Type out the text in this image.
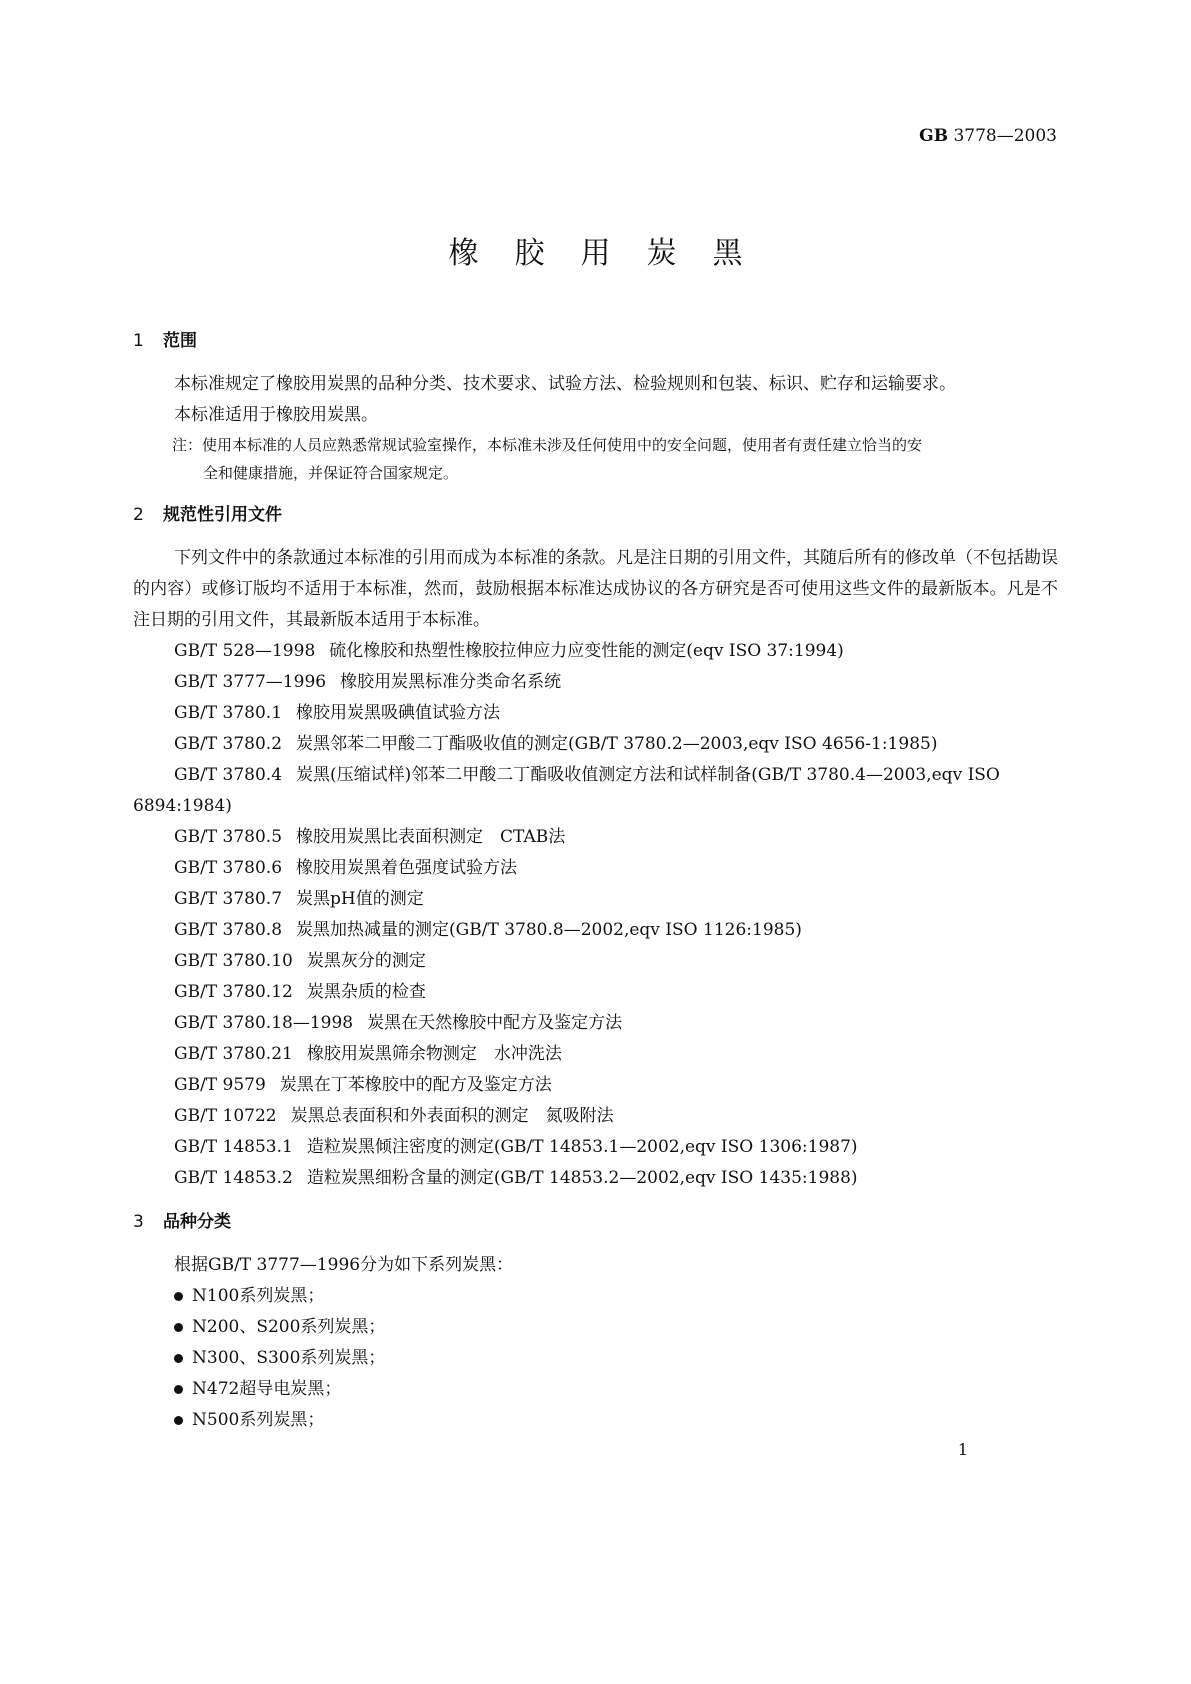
GB 3778—2003
橡胶用炭黑
1 范围
本标准规定了橡胶用炭黑的品种分类、技术要求、试验方法、检验规则和包装、标识、贮存和运输要求。
本标准适用于橡胶用炭黑。
注：使用本标准的人员应熟悉常规试验室操作，本标准未涉及任何使用中的安全问题，使用者有责任建立恰当的安
全和健康措施，并保证符合国家规定。
2 规范性引用文件
下列文件中的条款通过本标准的引用而成为本标准的条款。凡是注日期的引用文件，其随后所有的修改单（不包括勘误的内容）或修订版均不适用于本标准，然而，鼓励根据本标准达成协议的各方研究是否可使用这些文件的最新版本。凡是不注日期的引用文件，其最新版本适用于本标准。
GB/T 528—1998 硫化橡胶和热塑性橡胶拉伸应力应变性能的测定(eqv ISO 37:1994)
GB/T 3777—1996 橡胶用炭黑标准分类命名系统
GB/T 3780.1 橡胶用炭黑吸碘值试验方法
GB/T 3780.2 炭黑邻苯二甲酸二丁酯吸收值的测定(GB/T 3780.2—2003,eqv ISO 4656-1:1985)
GB/T 3780.4 炭黑(压缩试样)邻苯二甲酸二丁酯吸收值测定方法和试样制备(GB/T 3780.4—2003,eqv ISO 6894:1984)
GB/T 3780.5 橡胶用炭黑比表面积测定　CTAB法
GB/T 3780.6 橡胶用炭黑着色强度试验方法
GB/T 3780.7 炭黑pH值的测定
GB/T 3780.8 炭黑加热减量的测定(GB/T 3780.8—2002,eqv ISO 1126:1985)
GB/T 3780.10 炭黑灰分的测定
GB/T 3780.12 炭黑杂质的检查
GB/T 3780.18—1998 炭黑在天然橡胶中配方及鉴定方法
GB/T 3780.21 橡胶用炭黑筛余物测定　水冲洗法
GB/T 9579 炭黑在丁苯橡胶中的配方及鉴定方法
GB/T 10722 炭黑总表面积和外表面积的测定　氮吸附法
GB/T 14853.1 造粒炭黑倾注密度的测定(GB/T 14853.1—2002,eqv ISO 1306:1987)
GB/T 14853.2 造粒炭黑细粉含量的测定(GB/T 14853.2—2002,eqv ISO 1435:1988)
3 品种分类
根据GB/T 3777—1996分为如下系列炭黑：
N100系列炭黑；
N200、S200系列炭黑；
N300、S300系列炭黑；
N472超导电炭黑；
N500系列炭黑；
1
